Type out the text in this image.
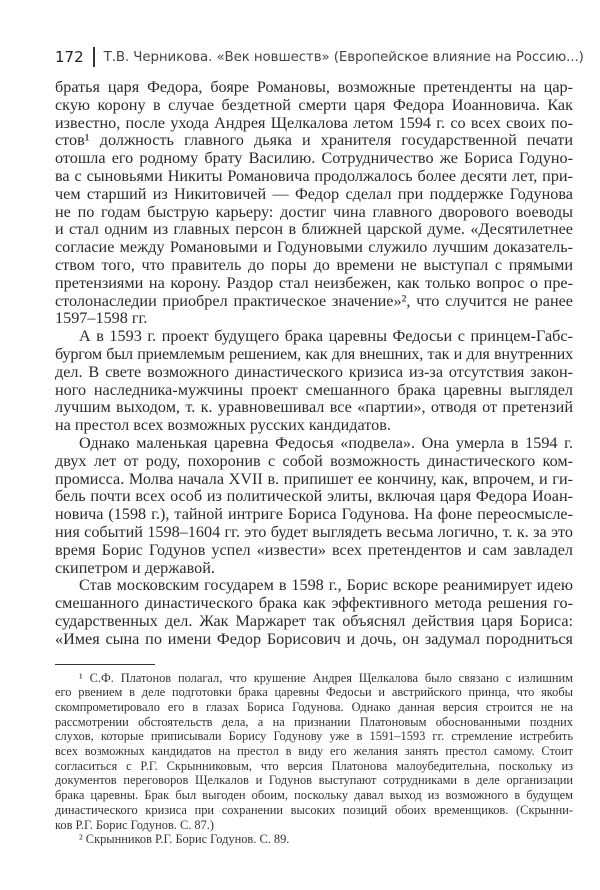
172 Т.В. Черникова. «Век новшеств» (Европейское влияние на Россию...)
братья царя Федора, бояре Романовы, возможные претенденты на цар-
скую корону в случае бездетной смерти царя Федора Иоанновича. Как
известно, после ухода Андрея Щелкалова летом 1594 г. со всех своих по-
стов¹ должность главного дьяка и хранителя государственной печати
отошла его родному брату Василию. Сотрудничество же Бориса Годуно-
ва с сыновьями Никиты Романовича продолжалось более десяти лет, при-
чем старший из Никитовичей — Федор сделал при поддержке Годунова
не по годам быструю карьеру: достиг чина главного дворового воеводы
и стал одним из главных персон в ближней царской думе. «Десятилетнее
согласие между Романовыми и Годуновыми служило лучшим доказатель-
ством того, что правитель до поры до времени не выступал с прямыми
претензиями на корону. Раздор стал неизбежен, как только вопрос о пре-
столонаследии приобрел практическое значение»², что случится не ранее
1597–1598 гг.
А в 1593 г. проект будущего брака царевны Федосьи с принцем-Габс-
бургом был приемлемым решением, как для внешних, так и для внутренних
дел. В свете возможного династического кризиса из-за отсутствия закон-
ного наследника-мужчины проект смешанного брака царевны выглядел
лучшим выходом, т. к. уравновешивал все «партии», отводя от претензий
на престол всех возможных русских кандидатов.
Однако маленькая царевна Федосья «подвела». Она умерла в 1594 г.
двух лет от роду, похоронив с собой возможность династического ком-
промисса. Молва начала XVII в. припишет ее кончину, как, впрочем, и ги-
бель почти всех особ из политической элиты, включая царя Федора Иоан-
новича (1598 г.), тайной интриге Бориса Годунова. На фоне переосмысле-
ния событий 1598–1604 гг. это будет выглядеть весьма логично, т. к. за это
время Борис Годунов успел «извести» всех претендентов и сам завладел
скипетром и державой.
Став московским государем в 1598 г., Борис вскоре реанимирует идею
смешанного династического брака как эффективного метода решения го-
сударственных дел. Жак Маржарет так объяснял действия царя Бориса:
«Имея сына по имени Федор Борисович и дочь, он задумал породниться
¹ С.Ф. Платонов полагал, что крушение Андрея Щелкалова было связано с излишним
его рвением в деле подготовки брака царевны Федосьи и австрийского принца, что якобы
скомпрометировало его в глазах Бориса Годунова. Однако данная версия строится не на
рассмотрении обстоятельств дела, а на признании Платоновым обоснованными поздних
слухов, которые приписывали Борису Годунову уже в 1591–1593 гг. стремление истребить
всех возможных кандидатов на престол в виду его желания занять престол самому. Стоит
согласиться с Р.Г. Скрынниковым, что версия Платонова малоубедительна, поскольку из
документов переговоров Щелкалов и Годунов выступают сотрудниками в деле организации
брака царевны. Брак был выгоден обоим, поскольку давал выход из возможного в будущем
династического кризиса при сохранении высоких позиций обоих временщиков. (Скрынни-
ков Р.Г. Борис Годунов. С. 87.)
² Скрынников Р.Г. Борис Годунов. С. 89.
